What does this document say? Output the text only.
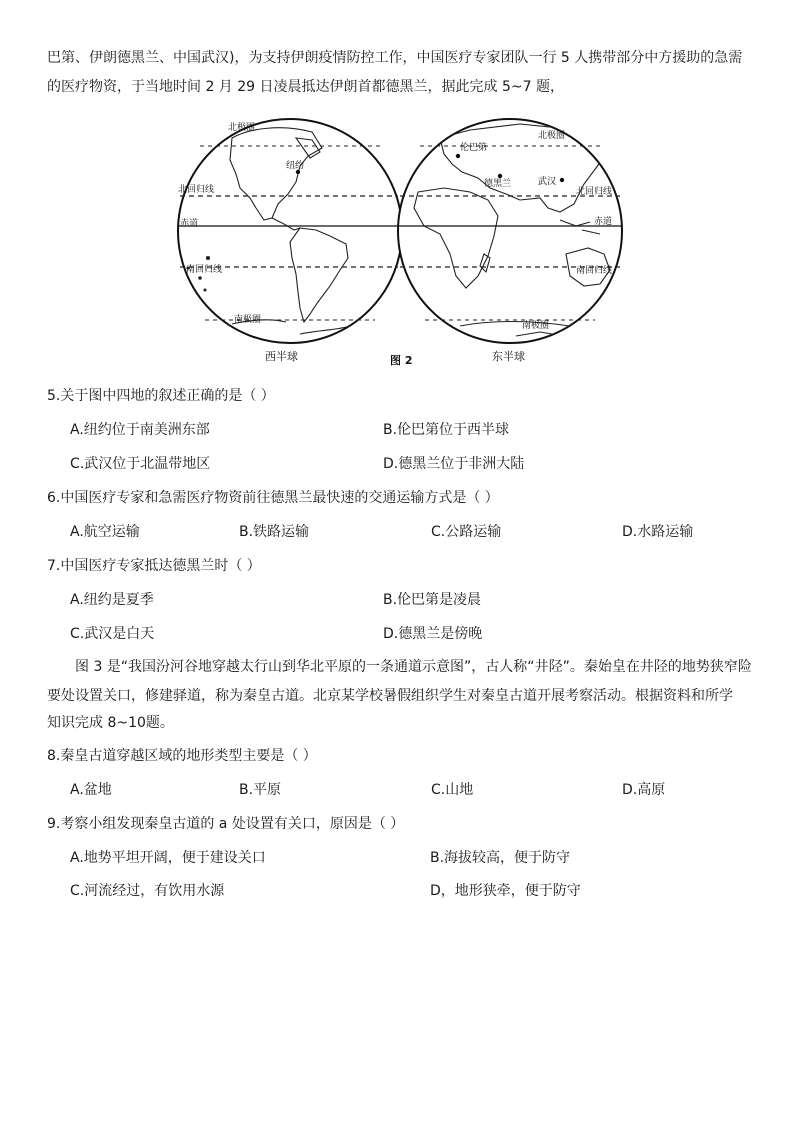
巴第、伊朗德黑兰、中国武汉)，为支持伊朗疫情防控工作，中国医疗专家团队一行 5 人携带部分中方援助的急需
的医疗物资，于当地时间 2 月 29 日凌晨抵达伊朗首都德黑兰，据此完成 5~7 题，
北极圈
纽约
北回归线
赤道
南回归线
南极圈
伦巴第
北极圈
德黑兰	武汉
北回归线
赤道
南回归线
南极圈
西半球	图 2	东半球
5.关于图中四地的叙述正确的是（ ）
A.纽约位于南美洲东部	B.伦巴第位于西半球
C.武汉位于北温带地区	D.德黑兰位于非洲大陆
6.中国医疗专家和急需医疗物资前往德黑兰最快速的交通运输方式是（ ）
A.航空运输	B.铁路运输	C.公路运输	D.水路运输
7.中国医疗专家抵达德黑兰时（ ）
A.纽约是夏季	B.伦巴第是凌晨
C.武汉是白天	D.德黑兰是傍晚
图 3 是“我国汾河谷地穿越太行山到华北平原的一条通道示意图”，古人称“井陉”。秦始皇在井陉的地势狭窄险
要处设置关口，修建驿道，称为秦皇古道。北京某学校暑假组织学生对秦皇古道开展考察活动。根据资料和所学
知识完成 8~10题。
8.秦皇古道穿越区域的地形类型主要是（ ）
A.盆地	B.平原	C.山地	D.高原
9.考察小组发现秦皇古道的 a 处设置有关口，原因是（ ）
A.地势平坦开阔，便于建设关口	B.海拔较高，便于防守
C.河流经过，有饮用水源	D，地形狭牵，便于防守
